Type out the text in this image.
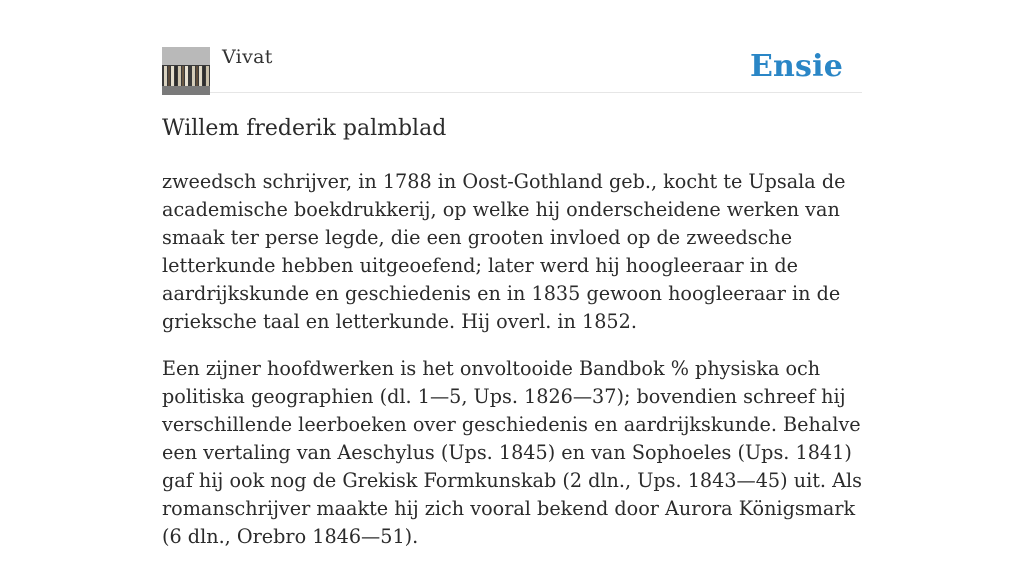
Vivat	Ensie
Willem frederik palmblad

zweedsch schrijver, in 1788 in Oost-Gothland geb., kocht te Upsala de academische boekdrukkerij, op welke hij onderscheidene werken van smaak ter perse legde, die een grooten invloed op de zweedsche letterkunde hebben uitgeoefend; later werd hij hoogleeraar in de aardrijkskunde en geschiedenis en in 1835 gewoon hoogleeraar in de grieksche taal en letterkunde. Hij overl. in 1852.

Een zijner hoofdwerken is het onvoltooide Bandbok % physiska och politiska geographien (dl. 1—5, Ups. 1826—37); bovendien schreef hij verschillende leerboeken over geschiedenis en aardrijkskunde. Behalve een vertaling van Aeschylus (Ups. 1845) en van Sophoeles (Ups. 1841) gaf hij ook nog de Grekisk Formkunskab (2 dln., Ups. 1843—45) uit. Als romanschrijver maakte hij zich vooral bekend door Aurora Königsmark (6 dln., Orebro 1846—51).
